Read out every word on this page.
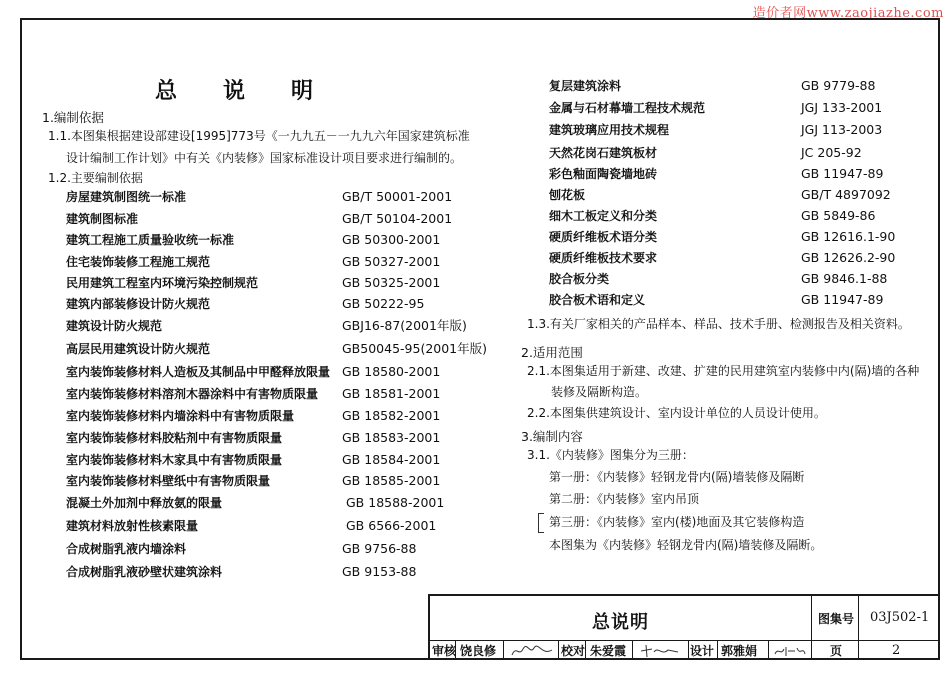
造价者网www.zaojiazhe.com
总 说 明
1.编制依据
1.1.本图集根据建设部建设[1995]773号《一九九五－一九九六年国家建筑标准
设计编制工作计划》中有关《内装修》国家标准设计项目要求进行编制的。
1.2.主要编制依据
房屋建筑制图统一标准	GB/T 50001-2001
建筑制图标准	GB/T 50104-2001
建筑工程施工质量验收统一标准	GB 50300-2001
住宅装饰装修工程施工规范	GB 50327-2001
民用建筑工程室内环境污染控制规范	GB 50325-2001
建筑内部装修设计防火规范	GB 50222-95
建筑设计防火规范	GBJ16-87(2001年版)
高层民用建筑设计防火规范	GB50045-95(2001年版)
室内装饰装修材料人造板及其制品中甲醛释放限量 GB 18580-2001
室内装饰装修材料溶剂木器涂料中有害物质限量 GB 18581-2001
室内装饰装修材料内墙涂料中有害物质限量	GB 18582-2001
室内装饰装修材料胶粘剂中有害物质限量	GB 18583-2001
室内装饰装修材料木家具中有害物质限量	GB 18584-2001
室内装饰装修材料壁纸中有害物质限量	GB 18585-2001
混凝土外加剂中释放氨的限量	GB 18588-2001
建筑材料放射性核素限量	GB 6566-2001
合成树脂乳液内墙涂料	GB 9756-88
合成树脂乳液砂壁状建筑涂料	GB 9153-88
复层建筑涂料	GB 9779-88
金属与石材幕墙工程技术规范	JGJ 133-2001
建筑玻璃应用技术规程	JGJ 113-2003
天然花岗石建筑板材	JC 205-92
彩色釉面陶瓷墙地砖	GB 11947-89
刨花板	GB/T 4897092
细木工板定义和分类	GB 5849-86
硬质纤维板术语分类	GB 12616.1-90
硬质纤维板技术要求	GB 12626.2-90
胶合板分类	GB 9846.1-88
胶合板术语和定义	GB 11947-89
1.3.有关厂家相关的产品样本、样品、技术手册、检测报告及相关资料。
2.适用范围
2.1.本图集适用于新建、改建、扩建的民用建筑室内装修中内(隔)墙的各种
装修及隔断构造。
2.2.本图集供建筑设计、室内设计单位的人员设计使用。
3.编制内容
3.1.《内装修》图集分为三册：
第一册：《内装修》轻钢龙骨内(隔)墙装修及隔断
第二册：《内装修》室内吊顶
第三册：《内装修》室内(楼)地面及其它装修构造
本图集为《内装修》轻钢龙骨内(隔)墙装修及隔断。
总说明	图集号 03J502-1
审核 饶良修	校对 朱爱霞	设计 郭雅娟	页	2
